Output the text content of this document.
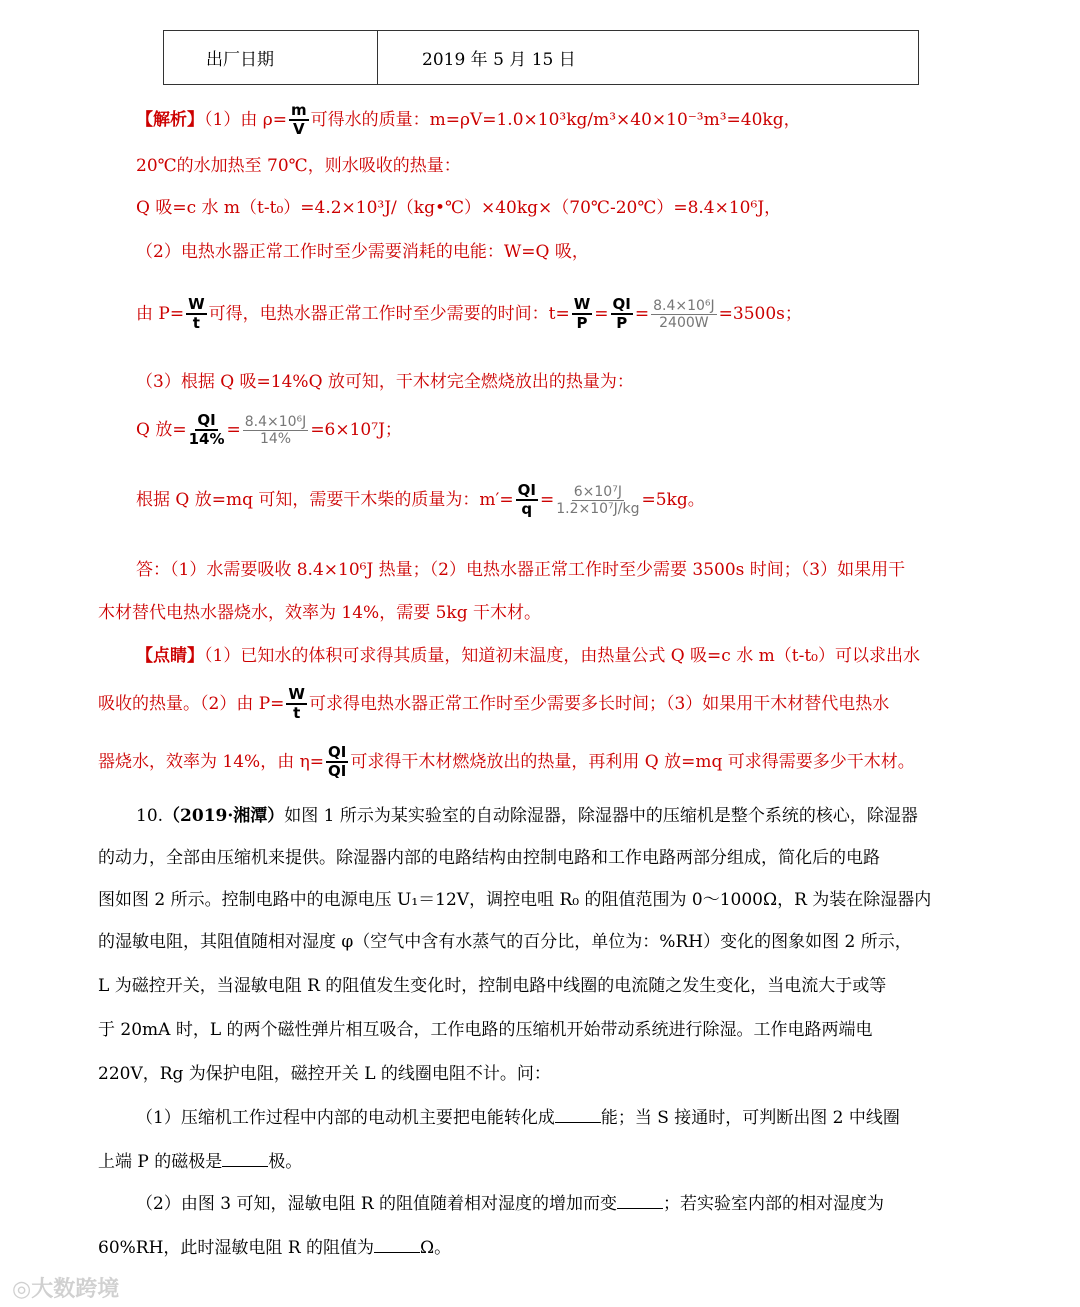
出厂日期	2019 年 5 月 15 日
【解析】（1）由 $\rho= \frac{m}{V}$ 可得水的质量：m=ρV=1.0×10³kg/m³×40×10⁻³m³=40kg，
20℃的水加热至 70℃，则水吸收的热量：
Q 吸=c 水 m（t-t₀）=4.2×10³J/（kg•℃）×40kg×（70℃-20℃）=8.4×10⁶J，
（2）电热水器正常工作时至少需要消耗的电能：W=Q 吸，
由 $P= \frac{W}{t}$ 可得，电热水器正常工作时至少需要的时间：$t= \frac{W}{P} = \frac{QI}{P} = \frac{\text{8.4×10⁶J}}{2400W} =3500s$；
（3）根据 Q 吸=14%Q 放可知，干木材完全燃烧放出的热量为：
Q 放= $\frac{QI}{14\%} = \frac{\text{8.4×10⁶J}}{14\%} =6\times 10^7J$；
根据 Q 放=mq 可知，需要干木柴的质量为：$m'= \frac{QI}{q} = \frac{\text{6×10⁷J}}{\text{1.2×10⁷J/kg}} =5kg$。
答：（1）水需要吸收 8.4×10⁶J 热量；（2）电热水器正常工作时至少需要 3500s 时间；（3）如果用干
木材替代电热水器烧水，效率为 14%，需要 5kg 干木材。
【点睛】（1）已知水的体积可求得其质量，知道初末温度，由热量公式 Q 吸=c 水 m（t-t₀）可以求出水
吸收的热量。（2）由 $P= \frac{W}{t}$ 可求得电热水器正常工作时至少需要多长时间；（3）如果用干木材替代电热水
器烧水，效率为 14%，由 $\eta= \frac{QI}{QI}$ 可求得干木材燃烧放出的热量，再利用 Q 放=mq 可求得需要多少干木材。
10.（2019·湘潭）如图 1 所示为某实验室的自动除湿器，除湿器中的压缩机是整个系统的核心，除湿器
的动力，全部由压缩机来提供。除湿器内部的电路结构由控制电路和工作电路两部分组成，简化后的电路
图如图 2 所示。控制电路中的电源电压 U₁＝12V，调控电咀 R₀ 的阻值范围为 0～1000Ω，R 为装在除湿器内
的湿敏电阻，其阻值随相对湿度 φ（空气中含有水蒸气的百分比，单位为：%RH）变化的图象如图 2 所示，
L 为磁控开关，当湿敏电阻 R 的阻值发生变化时，控制电路中线圈的电流随之发生变化，当电流大于或等
于 20mA 时，L 的两个磁性弹片相互吸合，工作电路的压缩机开始带动系统进行除湿。工作电路两端电
220V，Rg 为保护电阻，磁控开关 L 的线圈电阻不计。问：
（1）压缩机工作过程中内部的电动机主要把电能转化成	能；当 S 接通时，可判断出图 2 中线圈
上端 P 的磁极是	极。
（2）由图 3 可知，湿敏电阻 R 的阻值随着相对湿度的增加而变	；若实验室内部的相对湿度为
60%RH，此时湿敏电阻 R 的阻值为	Ω。
◎大数跨境
